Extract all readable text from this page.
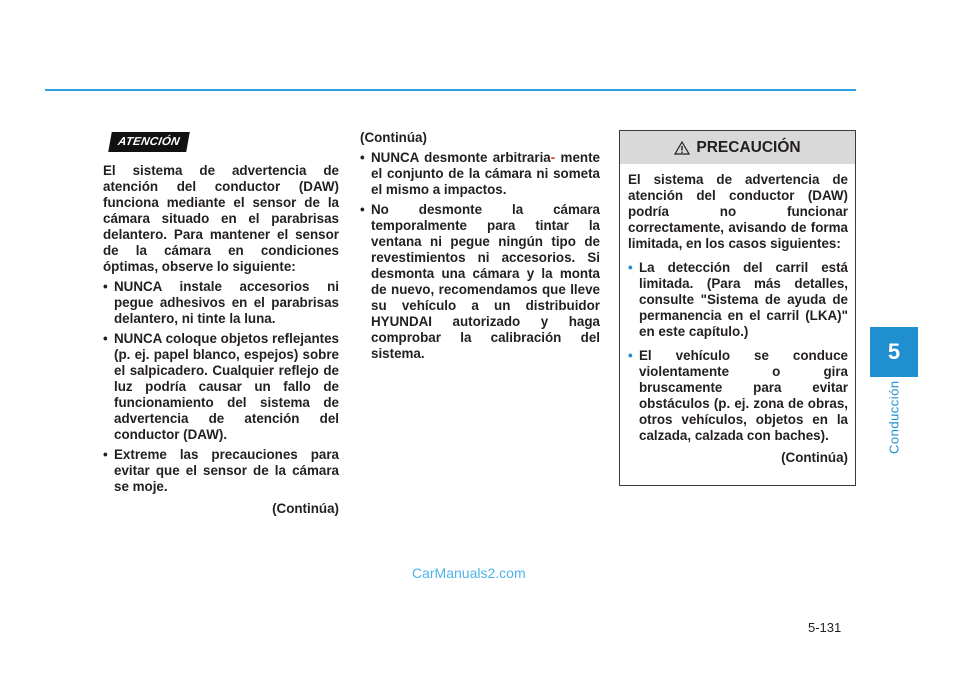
5
Conducción
ATENCIÓN

El sistema de advertencia de atención del conductor (DAW) funciona mediante el sensor de la cámara situado en el parabrisas delantero. Para mantener el sensor de la cámara en condiciones óptimas, observe lo siguiente:

• NUNCA instale accesorios ni pegue adhesivos en el parabrisas delantero, ni tinte la luna.
• NUNCA coloque objetos reflejantes (p. ej. papel blanco, espejos) sobre el salpicadero. Cualquier reflejo de luz podría causar un fallo de funcionamiento del sistema de advertencia de atención del conductor (DAW).
• Extreme las precauciones para evitar que el sensor de la cámara se moje.
(Continúa)

(Continúa)

• NUNCA desmonte arbitraria- mente el conjunto de la cámara ni someta el mismo a impactos.
• No desmonte la cámara temporalmente para tintar la ventana ni pegue ningún tipo de revestimientos ni accesorios. Si desmonta una cámara y la monta de nuevo, recomendamos que lleve su vehículo a un distribuidor HYUNDAI autorizado y haga comprobar la calibración del sistema.
PRECAUCIÓN

El sistema de advertencia de atención del conductor (DAW) podría no funcionar correctamente, avisando de forma limitada, en los casos siguientes:

• La detección del carril está limitada. (Para más detalles, consulte "Sistema de ayuda de permanencia en el carril (LKA)" en este capítulo.)
• El vehículo se conduce violentamente o gira bruscamente para evitar obstáculos (p. ej. zona de obras, otros vehículos, objetos en la calzada, calzada con baches).
(Continúa)
CarManuals2.com
5-131
